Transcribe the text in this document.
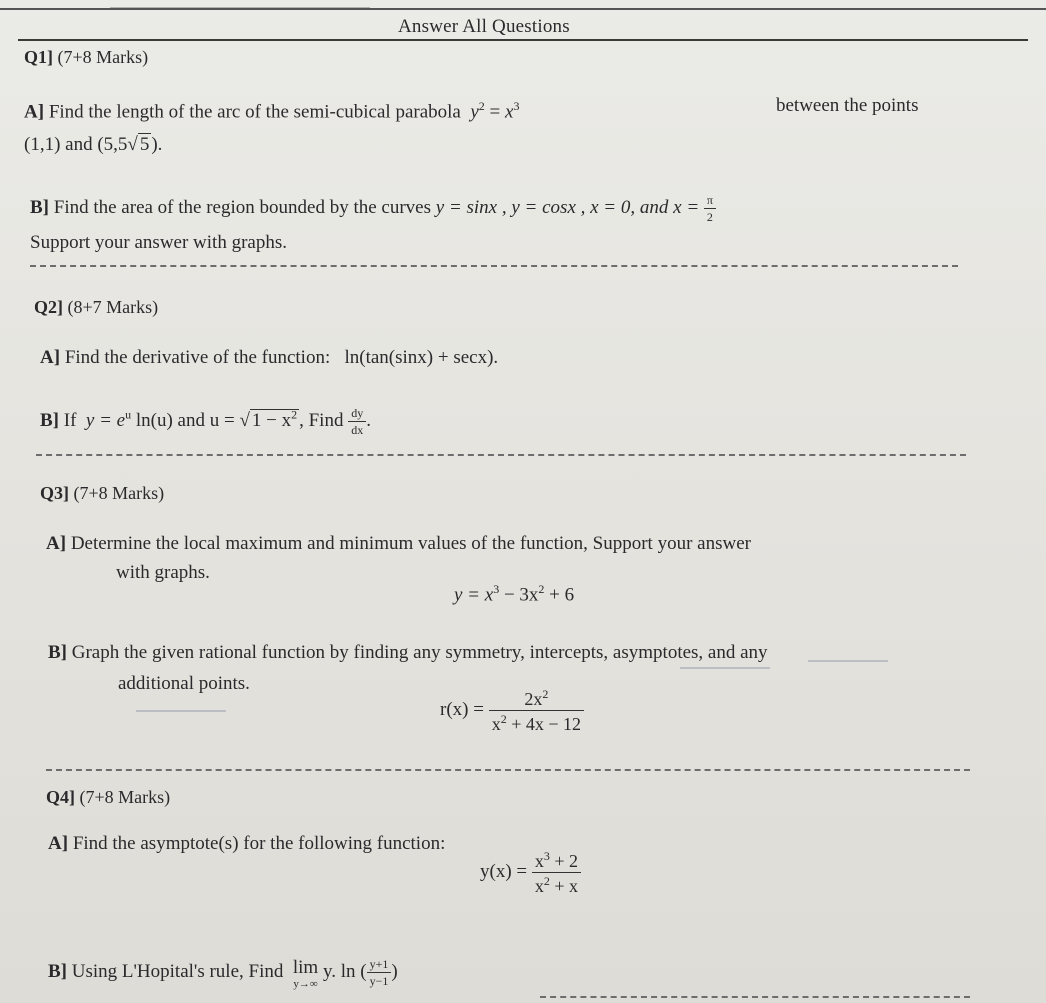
Answer All Questions
Q1] (7+8 Marks)
A] Find the length of the arc of the semi-cubical parabola $y^2 = x^3$	between the points
(1,1) and (5,5√ 5 ).
B] Find the area of the region bounded by the curves y = sinx , y = cosx , x = 0, and $x = \frac{\pi}{2}$
Support your answer with graphs.
Q2] (8+7 Marks)
A] Find the derivative of the function: ln(tan(sinx) + secx).
B] If $y = e^u$ ln(u) and u = √ $1 - x^2$ , Find $\frac{dy}{dx}$ .
Q3] (7+8 Marks)
A] Determine the local maximum and minimum values of the function, Support your answer
with graphs.
$y = x^3 - 3x^2 + 6$
B] Graph the given rational function by finding any symmetry, intercepts, asymptotes, and any
additional points.
$r(x) = \frac{2x^2}{x^2 + 4x - 12}$
Q4] (7+8 Marks)
A] Find the asymptote(s) for the following function:
$y(x) = \frac{x^3 + 2}{x^2 + x}$
B] Using L'Hopital's rule, Find lim
y→∞
y. ln ( $\frac{y+1}{y-1}$ )
